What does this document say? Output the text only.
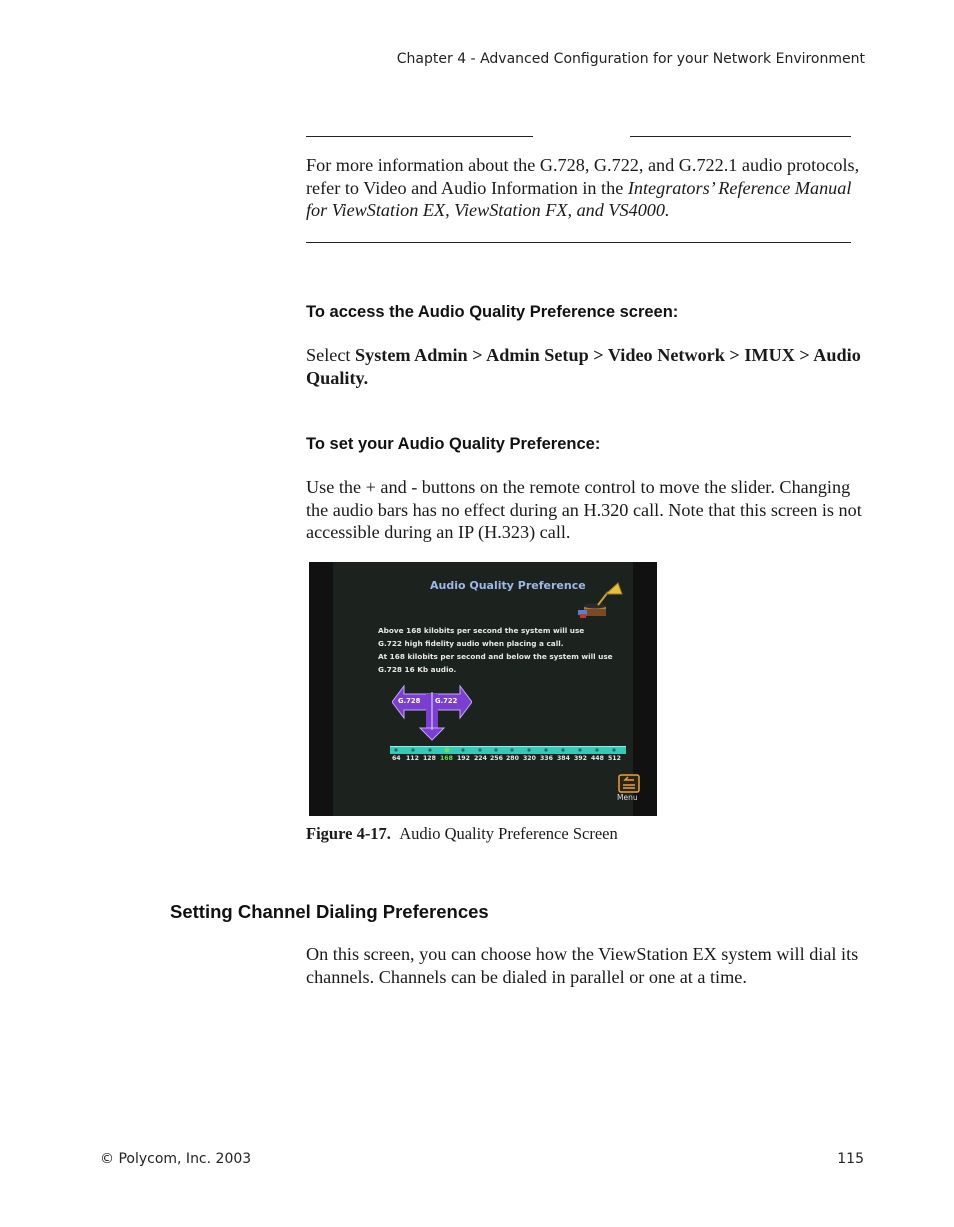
Chapter 4 - Advanced Configuration for your Network Environment
For more information about the G.728, G.722, and G.722.1 audio protocols, refer to Video and Audio Information in the Integrators’ Reference Manual for ViewStation EX, ViewStation FX, and VS4000.
To access the Audio Quality Preference screen:
Select System Admin > Admin Setup > Video Network > IMUX > Audio Quality.
To set your Audio Quality Preference:
Use the + and - buttons on the remote control to move the slider. Changing the audio bars has no effect during an H.320 call. Note that this screen is not accessible during an IP (H.323) call.
Audio Quality Preference
Above 168 kilobits per second the system will use
G.722 high fidelity audio when placing a call.
At 168 kilobits per second and below the system will use
G.728 16 Kb audio.
G.728 G.722
64 112 128 168 192 224 256 280 320 336 384 392 448 512
Menu
Figure 4-17. Audio Quality Preference Screen
Setting Channel Dialing Preferences
On this screen, you can choose how the ViewStation EX system will dial its channels. Channels can be dialed in parallel or one at a time.
© Polycom, Inc. 2003	115
